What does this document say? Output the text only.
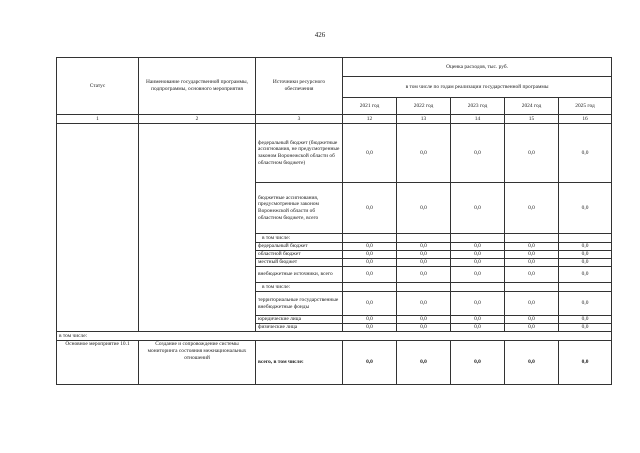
426
Статус	Наименование государственной программы, подпрограммы, основного мероприятия	Источники ресурсного обеспечения	Оценка расходов, тыс. руб.				
			в том числе по годам реализации государственной программы				
			2021 год	2022 год	2023 год	2024 год	2025 год
1	2	3	12	13	14	15	16
		федеральный бюджет (бюджетные ассигнования, не предусмотренные законом Воронежской области об областном бюджете)	0,0	0,0	0,0	0,0	0,0
		бюджетные ассигнования, предусмотренные законом Воронежской области об областном бюджете, всего	0,0	0,0	0,0	0,0	0,0
		в том числе:					
		федеральный бюджет	0,0	0,0	0,0	0,0	0,0
		областной бюджет	0,0	0,0	0,0	0,0	0,0
		местный бюджет	0,0	0,0	0,0	0,0	0,0
		внебюджетные источники, всего	0,0	0,0	0,0	0,0	0,0
		в том числе:					
		территориальные государственные внебюджетные фонды	0,0	0,0	0,0	0,0	0,0
		юридические лица	0,0	0,0	0,0	0,0	0,0
		физические лица	0,0	0,0	0,0	0,0	0,0
в том числе:							
Основное мероприятие 10.1	Создание и сопровождение системы мониторинга состояния межнациональных отношений	всего, в том числе:	0,0	0,0	0,0	0,0	0,0
